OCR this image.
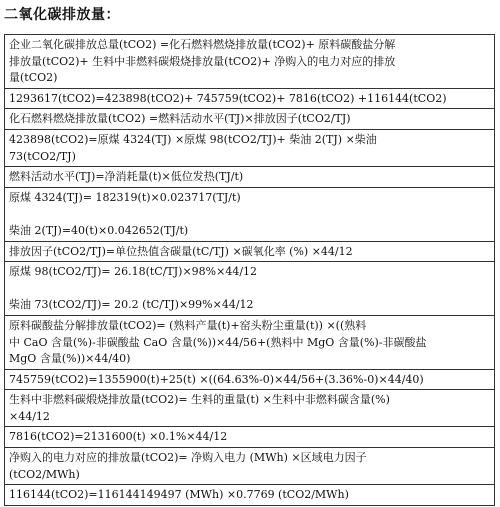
二氧化碳排放量：
企业二氧化碳排放总量(tCO2) =化石燃料燃烧排放量(tCO2)+ 原料碳酸盐分解
排放量(tCO2)+ 生料中非燃料碳煅烧排放量(tCO2)+ 净购入的电力对应的排放
量(tCO2)
1293617(tCO2)=423898(tCO2)+ 745759(tCO2)+ 7816(tCO2) +116144(tCO2)
化石燃料燃烧排放量(tCO2) =燃料活动水平(TJ)×排放因子(tCO2/TJ)
423898(tCO2)=原煤 4324(TJ) ×原煤 98(tCO2/TJ)+ 柴油 2(TJ) ×柴油
73(tCO2/TJ)
燃料活动水平(TJ)=净消耗量(t)×低位发热(TJ/t)
原煤 4324(TJ)= 182319(t)×0.023717(TJ/t)
柴油 2(TJ)=40(t)×0.042652(TJ/t)
排放因子(tCO2/TJ)=单位热值含碳量(tC/TJ) ×碳氧化率 (%) ×44/12
原煤 98(tCO2/TJ)= 26.18(tC/TJ)×98%×44/12
柴油 73(tCO2/TJ)= 20.2 (tC/TJ)×99%×44/12
原料碳酸盐分解排放量(tCO2)= (熟料产量(t)+窑头粉尘重量(t)) ×((熟料
中 CaO 含量(%)-非碳酸盐 CaO 含量(%))×44/56+(熟料中 MgO 含量(%)-非碳酸盐
MgO 含量(%))×44/40)
745759(tCO2)=1355900(t)+25(t) ×((64.63%-0)×44/56+(3.36%-0)×44/40)
生料中非燃料碳煅烧排放量(tCO2)= 生料的重量(t) ×生料中非燃料碳含量(%)
×44/12
7816(tCO2)=2131600(t) ×0.1%×44/12
净购入的电力对应的排放量(tCO2)= 净购入电力 (MWh) ×区域电力因子
(tCO2/MWh)
116144(tCO2)=116144149497 (MWh) ×0.7769 (tCO2/MWh)
